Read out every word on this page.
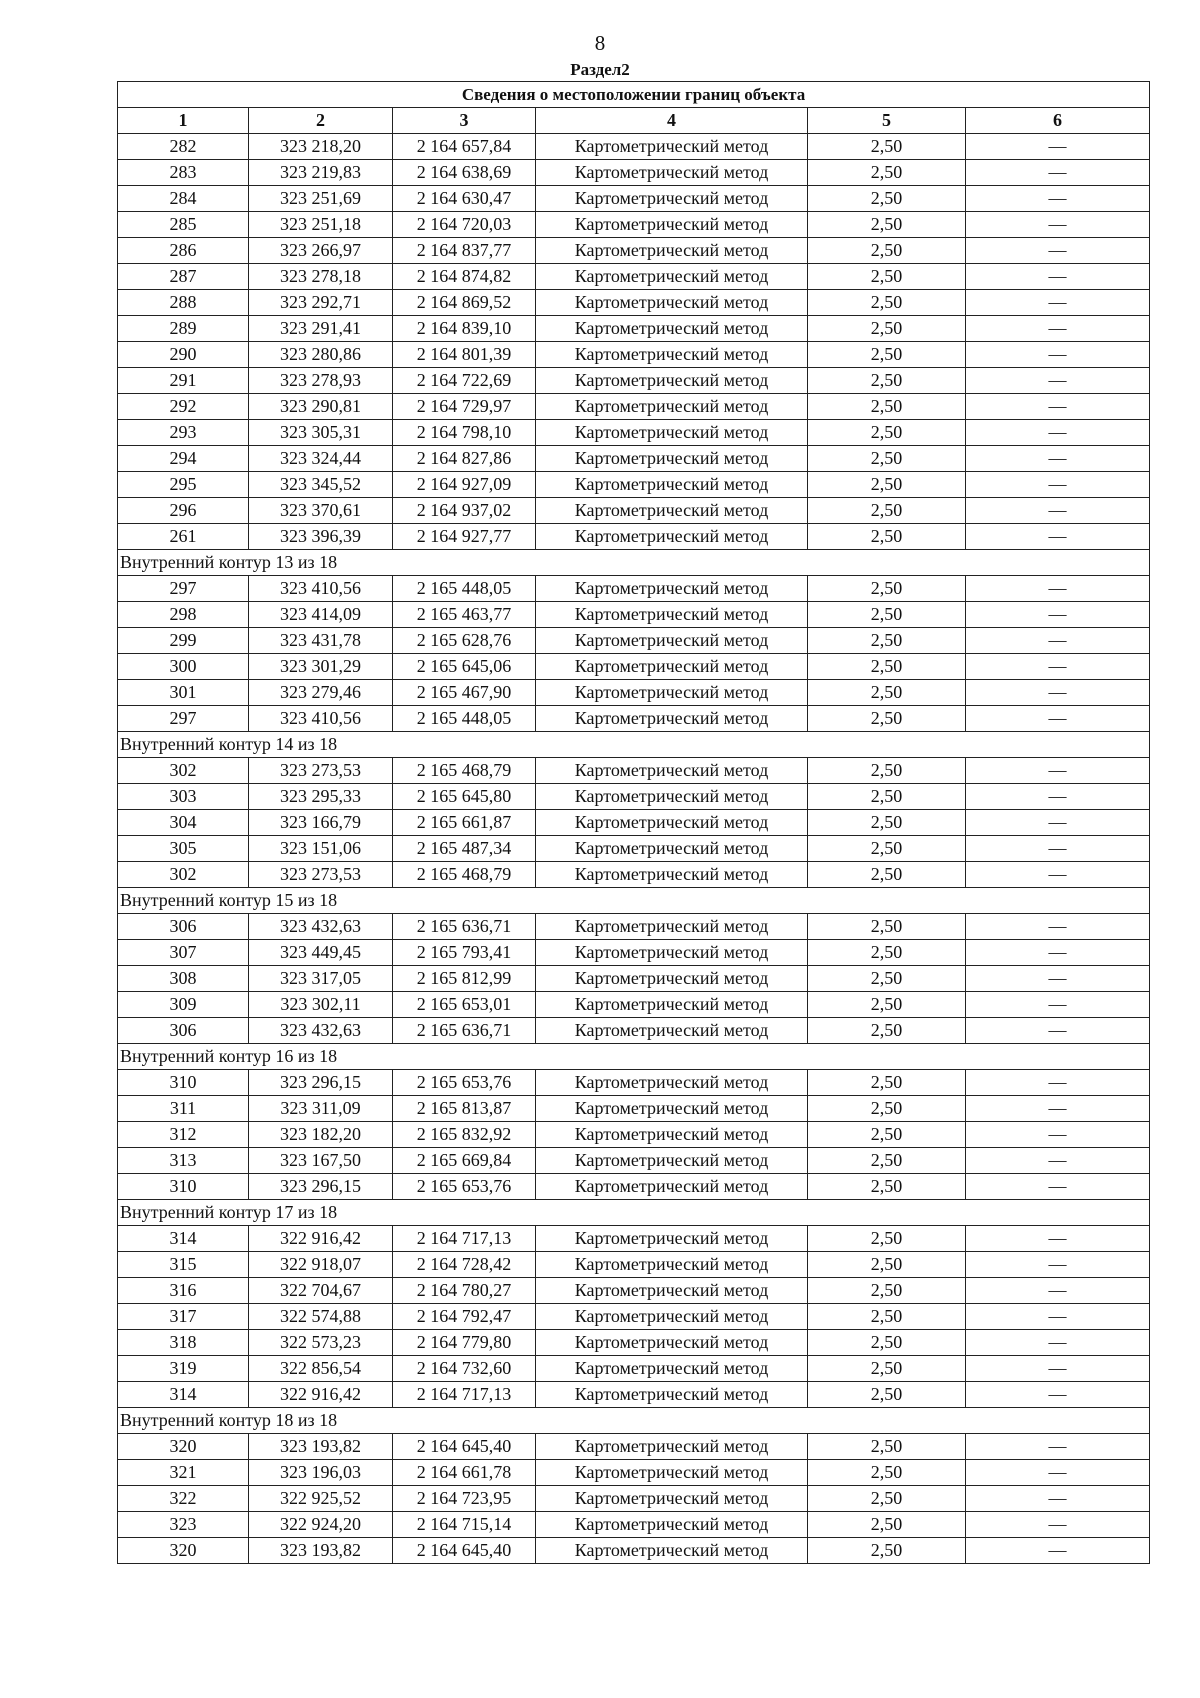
8
Раздел2
Сведения о местоположении границ объекта					
1	2	3	4	5	6
282	323 218,20	2 164 657,84	Картометрический метод	2,50	—
283	323 219,83	2 164 638,69	Картометрический метод	2,50	—
284	323 251,69	2 164 630,47	Картометрический метод	2,50	—
285	323 251,18	2 164 720,03	Картометрический метод	2,50	—
286	323 266,97	2 164 837,77	Картометрический метод	2,50	—
287	323 278,18	2 164 874,82	Картометрический метод	2,50	—
288	323 292,71	2 164 869,52	Картометрический метод	2,50	—
289	323 291,41	2 164 839,10	Картометрический метод	2,50	—
290	323 280,86	2 164 801,39	Картометрический метод	2,50	—
291	323 278,93	2 164 722,69	Картометрический метод	2,50	—
292	323 290,81	2 164 729,97	Картометрический метод	2,50	—
293	323 305,31	2 164 798,10	Картометрический метод	2,50	—
294	323 324,44	2 164 827,86	Картометрический метод	2,50	—
295	323 345,52	2 164 927,09	Картометрический метод	2,50	—
296	323 370,61	2 164 937,02	Картометрический метод	2,50	—
261	323 396,39	2 164 927,77	Картометрический метод	2,50	—
Внутренний контур 13 из 18					
297	323 410,56	2 165 448,05	Картометрический метод	2,50	—
298	323 414,09	2 165 463,77	Картометрический метод	2,50	—
299	323 431,78	2 165 628,76	Картометрический метод	2,50	—
300	323 301,29	2 165 645,06	Картометрический метод	2,50	—
301	323 279,46	2 165 467,90	Картометрический метод	2,50	—
297	323 410,56	2 165 448,05	Картометрический метод	2,50	—
Внутренний контур 14 из 18					
302	323 273,53	2 165 468,79	Картометрический метод	2,50	—
303	323 295,33	2 165 645,80	Картометрический метод	2,50	—
304	323 166,79	2 165 661,87	Картометрический метод	2,50	—
305	323 151,06	2 165 487,34	Картометрический метод	2,50	—
302	323 273,53	2 165 468,79	Картометрический метод	2,50	—
Внутренний контур 15 из 18					
306	323 432,63	2 165 636,71	Картометрический метод	2,50	—
307	323 449,45	2 165 793,41	Картометрический метод	2,50	—
308	323 317,05	2 165 812,99	Картометрический метод	2,50	—
309	323 302,11	2 165 653,01	Картометрический метод	2,50	—
306	323 432,63	2 165 636,71	Картометрический метод	2,50	—
Внутренний контур 16 из 18					
310	323 296,15	2 165 653,76	Картометрический метод	2,50	—
311	323 311,09	2 165 813,87	Картометрический метод	2,50	—
312	323 182,20	2 165 832,92	Картометрический метод	2,50	—
313	323 167,50	2 165 669,84	Картометрический метод	2,50	—
310	323 296,15	2 165 653,76	Картометрический метод	2,50	—
Внутренний контур 17 из 18					
314	322 916,42	2 164 717,13	Картометрический метод	2,50	—
315	322 918,07	2 164 728,42	Картометрический метод	2,50	—
316	322 704,67	2 164 780,27	Картометрический метод	2,50	—
317	322 574,88	2 164 792,47	Картометрический метод	2,50	—
318	322 573,23	2 164 779,80	Картометрический метод	2,50	—
319	322 856,54	2 164 732,60	Картометрический метод	2,50	—
314	322 916,42	2 164 717,13	Картометрический метод	2,50	—
Внутренний контур 18 из 18					
320	323 193,82	2 164 645,40	Картометрический метод	2,50	—
321	323 196,03	2 164 661,78	Картометрический метод	2,50	—
322	322 925,52	2 164 723,95	Картометрический метод	2,50	—
323	322 924,20	2 164 715,14	Картометрический метод	2,50	—
320	323 193,82	2 164 645,40	Картометрический метод	2,50	—
